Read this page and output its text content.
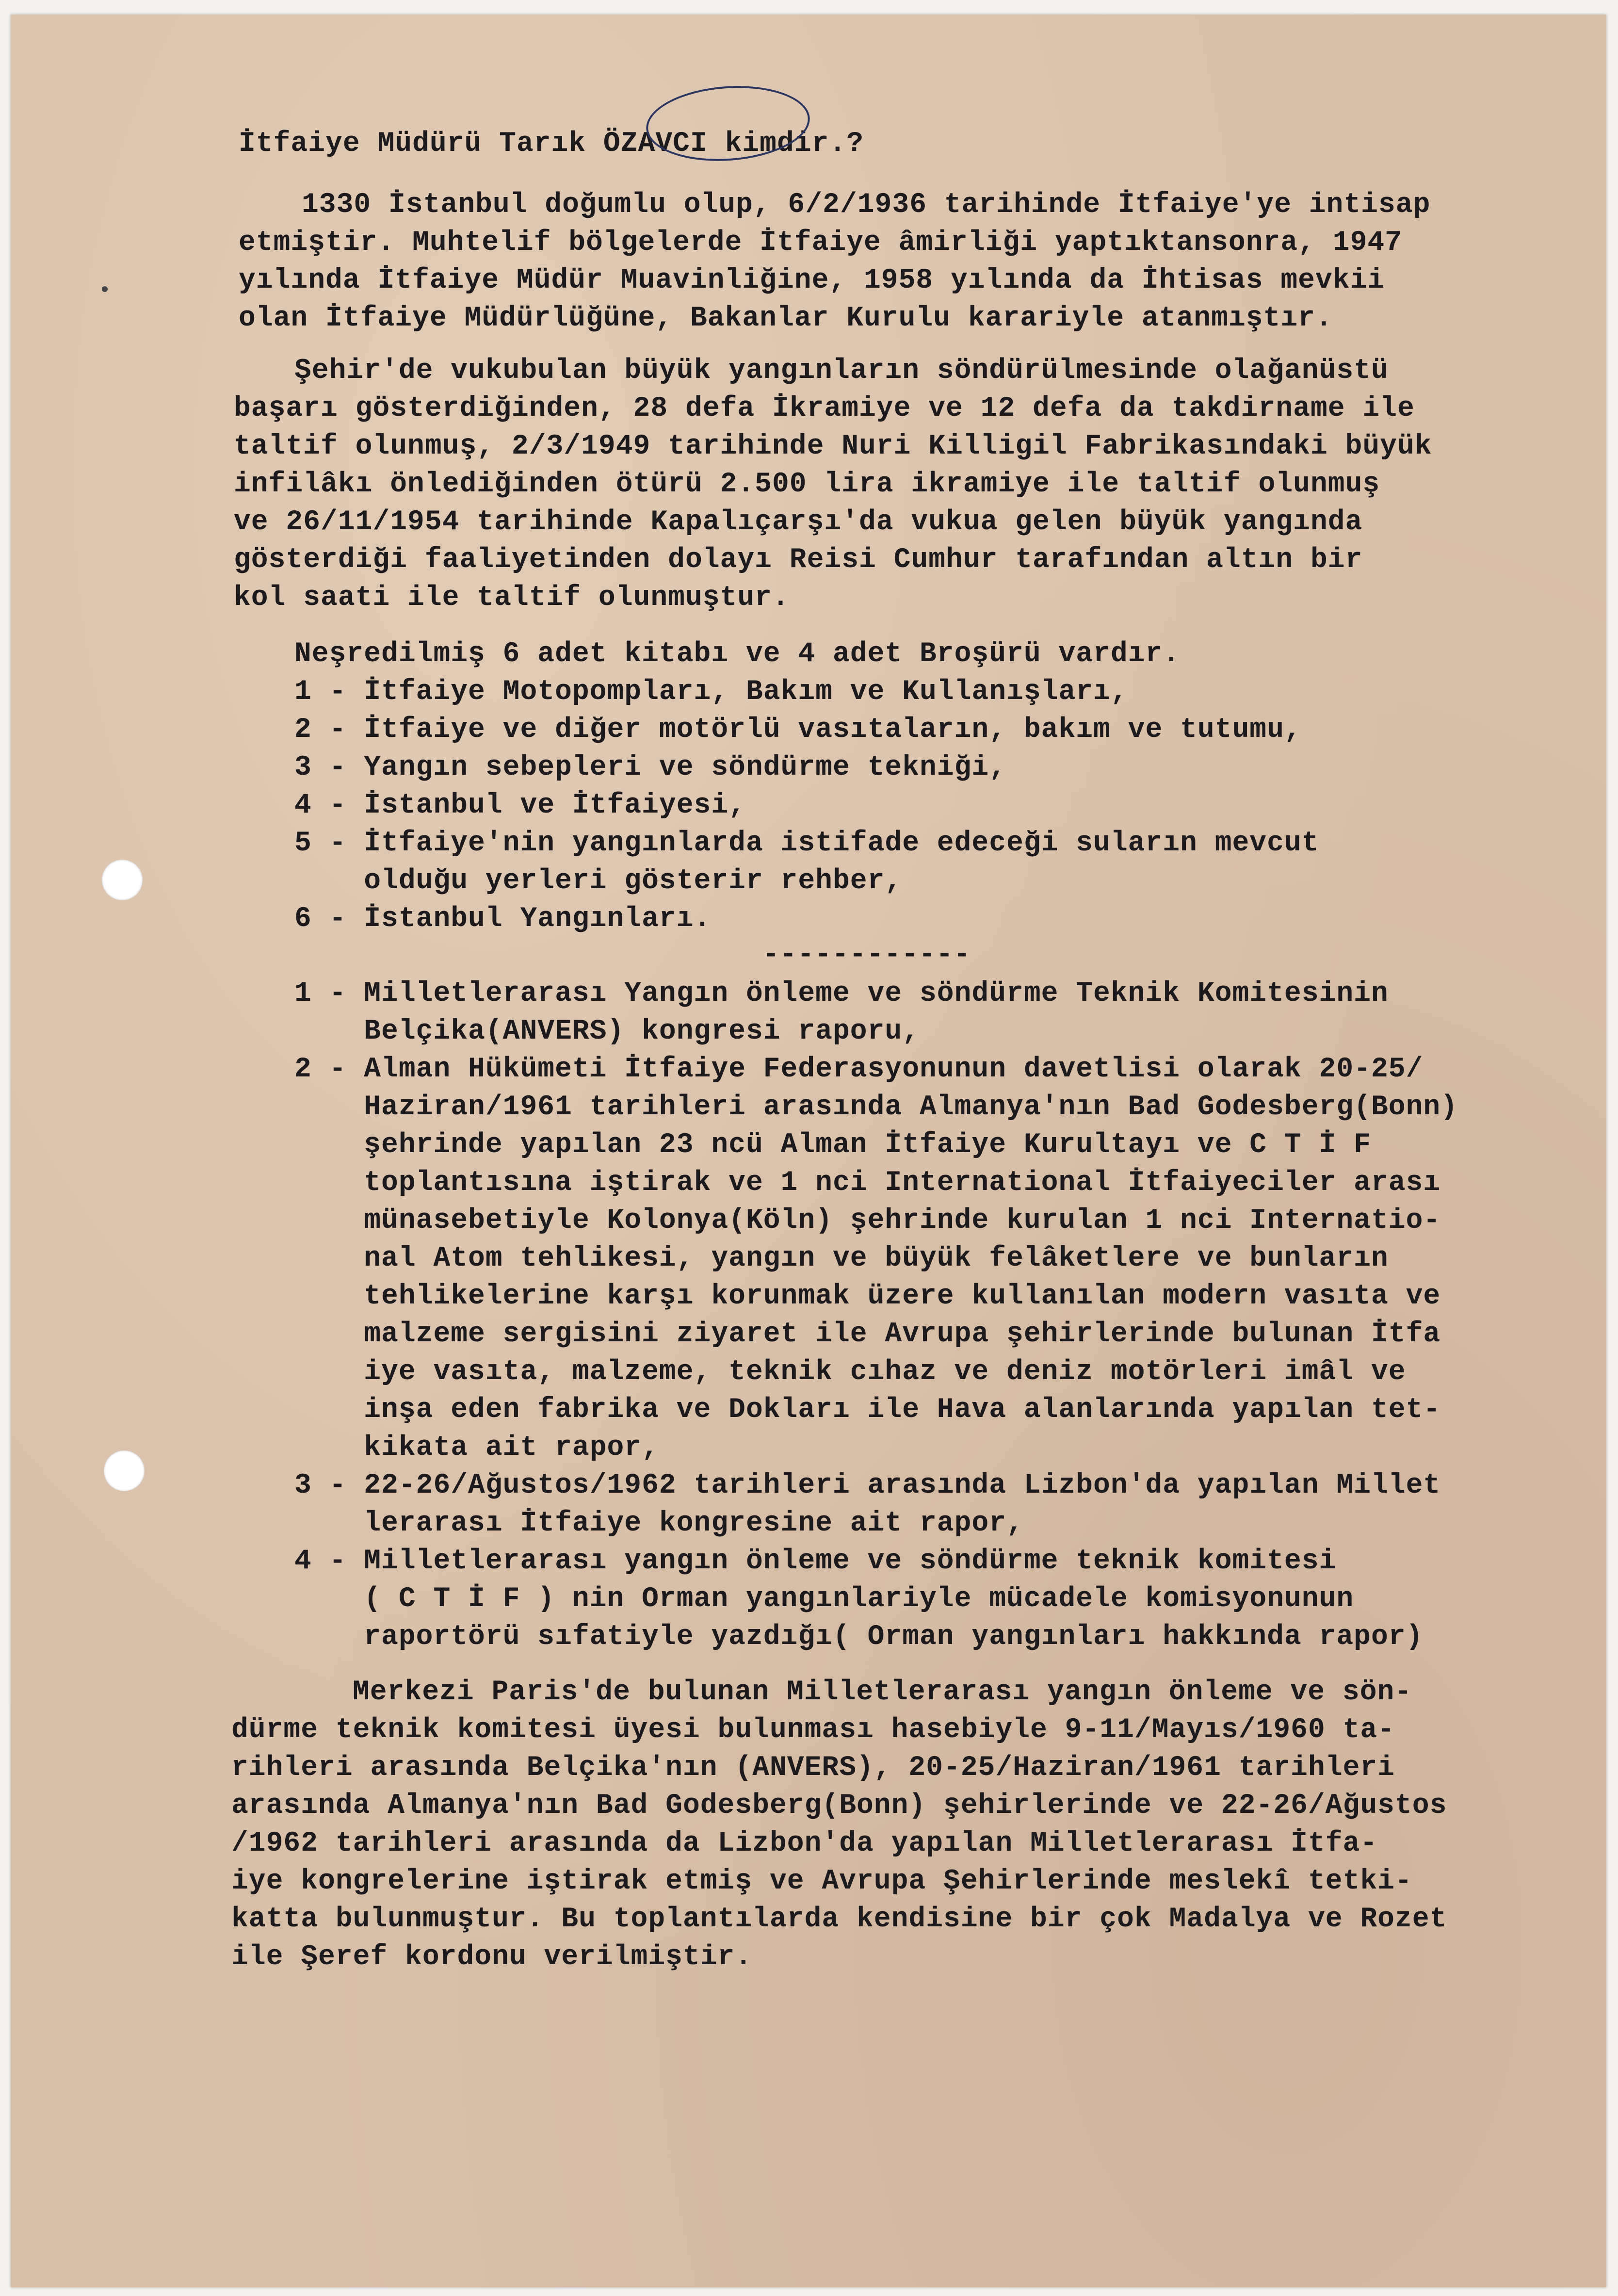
İtfaiye Müdürü Tarık ÖZAVCI kimdir.?
1330 İstanbul doğumlu olup, 6/2/1936 tarihinde İtfaiye'ye intisap
etmiştir. Muhtelif bölgelerde İtfaiye âmirliği yaptıktansonra, 1947
yılında İtfaiye Müdür Muavinliğine, 1958 yılında da İhtisas mevkii
olan İtfaiye Müdürlüğüne, Bakanlar Kurulu karariyle atanmıştır.
Şehir'de vukubulan büyük yangınların söndürülmesinde olağanüstü
başarı gösterdiğinden, 28 defa İkramiye ve 12 defa da takdirname ile
taltif olunmuş, 2/3/1949 tarihinde Nuri Killigil Fabrikasındaki büyük
infilâkı önlediğinden ötürü 2.500 lira ikramiye ile taltif olunmuş
ve 26/11/1954 tarihinde Kapalıçarşı'da vukua gelen büyük yangında
gösterdiği faaliyetinden dolayı Reisi Cumhur tarafından altın bir
kol saati ile taltif olunmuştur.
Neşredilmiş 6 adet kitabı ve 4 adet Broşürü vardır.
1 - İtfaiye Motopompları, Bakım ve Kullanışları,
2 - İtfaiye ve diğer motörlü vasıtaların, bakım ve tutumu,
3 - Yangın sebepleri ve söndürme tekniği,
4 - İstanbul ve İtfaiyesi,
5 - İtfaiye'nin yangınlarda istifade edeceği suların mevcut
olduğu yerleri gösterir rehber,
6 - İstanbul Yangınları.
------------
1 - Milletlerarası Yangın önleme ve söndürme Teknik Komitesinin
Belçika(ANVERS) kongresi raporu,
2 - Alman Hükümeti İtfaiye Federasyonunun davetlisi olarak 20-25/
Haziran/1961 tarihleri arasında Almanya'nın Bad Godesberg(Bonn)
şehrinde yapılan 23 ncü Alman İtfaiye Kurultayı ve C T İ F
toplantısına iştirak ve 1 nci International İtfaiyeciler arası
münasebetiyle Kolonya(Köln) şehrinde kurulan 1 nci Internatio-
nal Atom tehlikesi, yangın ve büyük felâketlere ve bunların
tehlikelerine karşı korunmak üzere kullanılan modern vasıta ve
malzeme sergisini ziyaret ile Avrupa şehirlerinde bulunan İtfa
iye vasıta, malzeme, teknik cıhaz ve deniz motörleri imâl ve
inşa eden fabrika ve Dokları ile Hava alanlarında yapılan tet-
kikata ait rapor,
3 - 22-26/Ağustos/1962 tarihleri arasında Lizbon'da yapılan Millet
lerarası İtfaiye kongresine ait rapor,
4 - Milletlerarası yangın önleme ve söndürme teknik komitesi
( C T İ F ) nin Orman yangınlariyle mücadele komisyonunun
raportörü sıfatiyle yazdığı( Orman yangınları hakkında rapor)
Merkezi Paris'de bulunan Milletlerarası yangın önleme ve sön-
dürme teknik komitesi üyesi bulunması hasebiyle 9-11/Mayıs/1960 ta-
rihleri arasında Belçika'nın (ANVERS), 20-25/Haziran/1961 tarihleri
arasında Almanya'nın Bad Godesberg(Bonn) şehirlerinde ve 22-26/Ağustos
/1962 tarihleri arasında da Lizbon'da yapılan Milletlerarası İtfa-
iye kongrelerine iştirak etmiş ve Avrupa Şehirlerinde meslekî tetki-
katta bulunmuştur. Bu toplantılarda kendisine bir çok Madalya ve Rozet
ile Şeref kordonu verilmiştir.
